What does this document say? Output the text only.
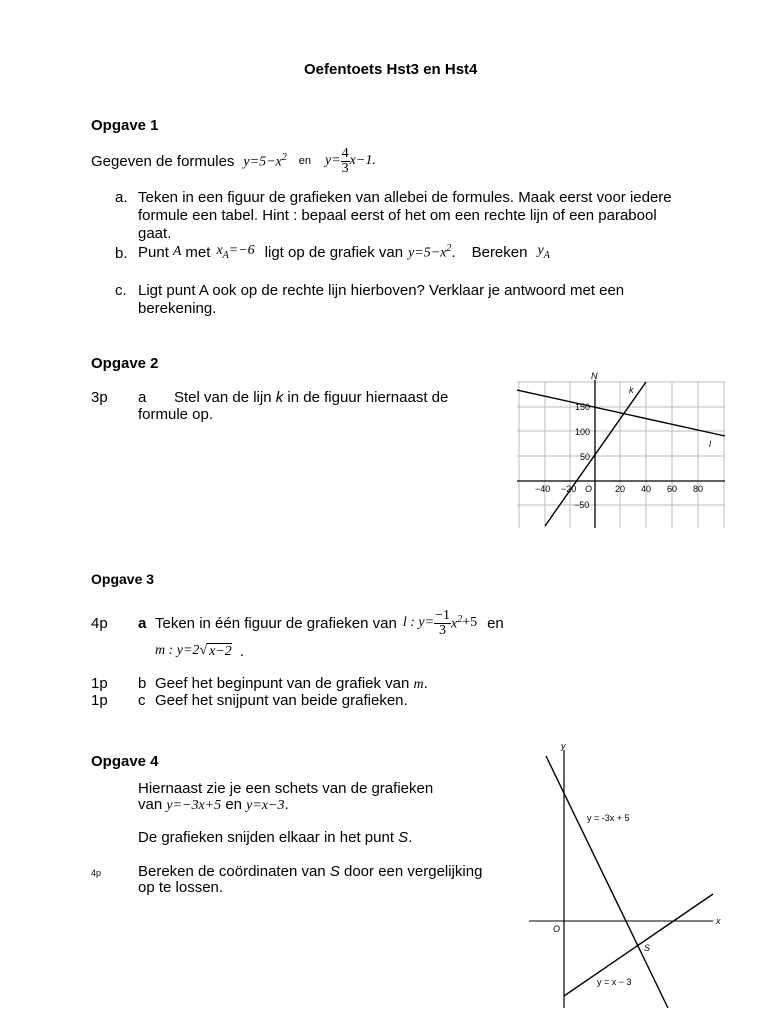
Oefentoets Hst3 en Hst4
Opgave 1
Gegeven de formules $y=5-x^2$ en $y= \frac{4}{3} x-1$.
a. Teken in een figuur de grafieken van allebei de formules. Maak eerst voor iedere
formule een tabel. Hint : bepaal eerst of het om een rechte lijn of een parabool
gaat.
b. Punt A met $x_A=-6$ ligt op de grafiek van $y=5-x^2$ . Bereken $y_A$
c. Ligt punt A ook op de rechte lijn hierboven? Verklaar je antwoord met een
berekening.
Opgave 2
3p a Stel van de lijn k in de figuur hiernaast de
formule op.
N
k
l
O
−40 −20	20 40 60 80
150
100
50
−50
Opgave 3
4p a Teken in één figuur de grafieken van l : $y= \frac{-1}{3} x^2 +5$ en
m : y=2 √ x−2 .
1p b Geef het beginpunt van de grafiek van m.
1p c Geef het snijpunt van beide grafieken.
Opgave 4
Hiernaast zie je een schets van de grafieken
van y=−3x+5 en y=x−3.
De grafieken snijden elkaar in het punt S.
4p Bereken de coördinaten van S door een vergelijking
op te lossen.
y
x
O
S
y = -3x + 5
y = x − 3
